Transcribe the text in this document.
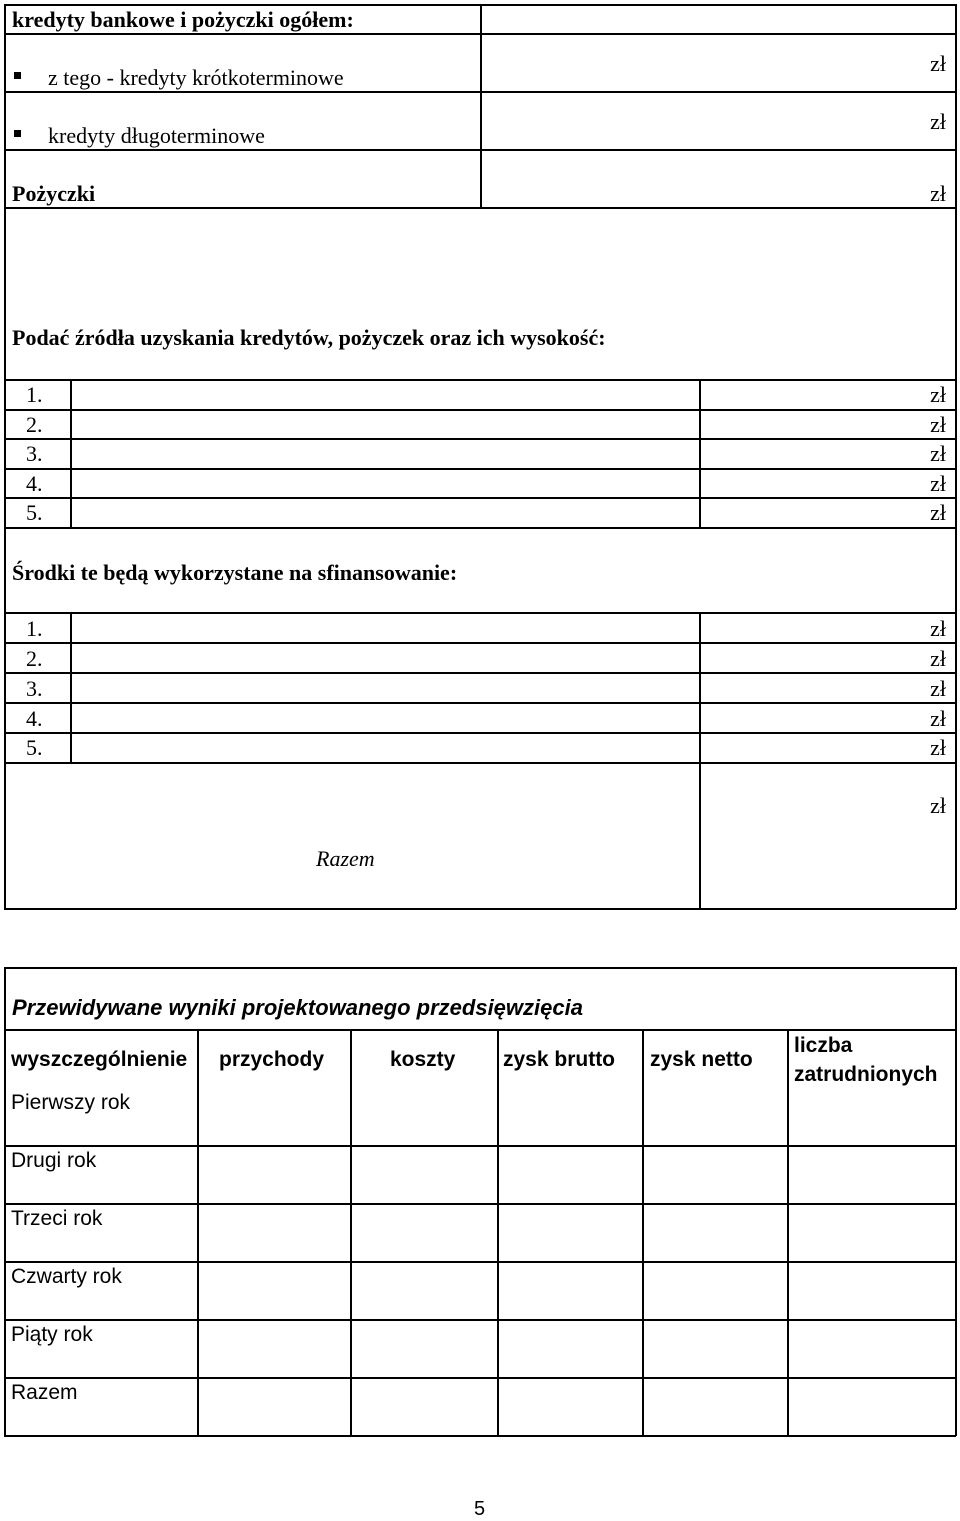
kredyty bankowe i pożyczki ogółem:
z tego - kredyty krótkoterminowe
zł
kredyty długoterminowe
zł
Pożyczki	zł
Podać źródła uzyskania kredytów, pożyczek oraz ich wysokość:
1.
2.
3.
4.
5.
zł
zł
zł
zł
zł
Środki te będą wykorzystane na sfinansowanie:
1.
2.
3.
4.
5.
zł
zł
zł
zł
zł
Razem
zł
Przewidywane wyniki projektowanego przedsięwzięcia
wyszczególnienie przychody	koszty zysk brutto zysk netto
liczba
zatrudnionych
Pierwszy rok
Drugi rok
Trzeci rok
Czwarty rok
Piąty rok
Razem
5
